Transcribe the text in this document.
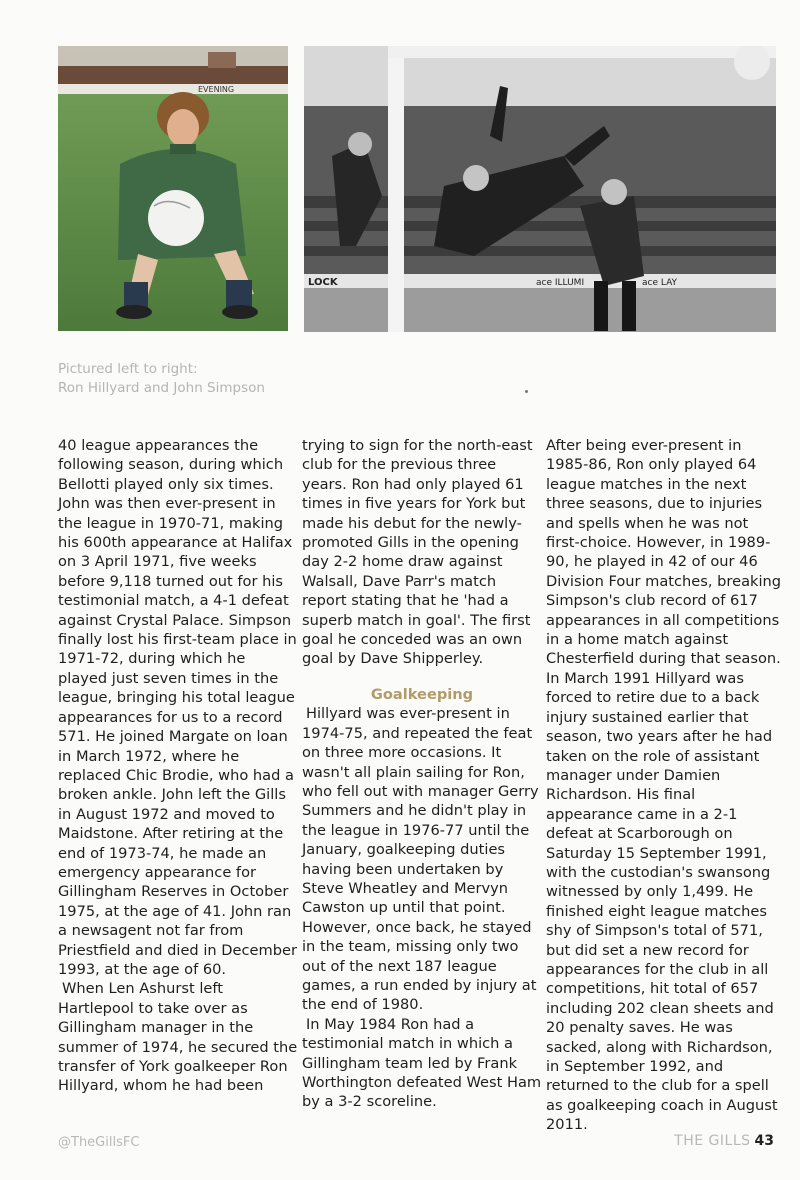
EVENING
LOCK	ace ILLUMI	ace LAY
Pictured left to right:
Ron Hillyard and John Simpson

40 league appearances the following season, during which Bellotti played only six times. John was then ever-present in the league in 1970-71, making his 600th appearance at Halifax on 3 April 1971, five weeks before 9,118 turned out for his testimonial match, a 4-1 defeat against Crystal Palace. Simpson finally lost his first-team place in 1971-72, during which he played just seven times in the league, bringing his total league appearances for us to a record 571. He joined Margate on loan in March 1972, where he replaced Chic Brodie, who had a broken ankle. John left the Gills in August 1972 and moved to Maidstone. After retiring at the end of 1973-74, he made an emergency appearance for Gillingham Reserves in October 1975, at the age of 41. John ran a newsagent not far from Priestfield and died in December 1993, at the age of 60.

When Len Ashurst left Hartlepool to take over as Gillingham manager in the summer of 1974, he secured the transfer of York goalkeeper Ron Hillyard, whom he had been

trying to sign for the north-east club for the previous three years. Ron had only played 61 times in five years for York but made his debut for the newly-promoted Gills in the opening day 2-2 home draw against Walsall, Dave Parr's match report stating that he 'had a superb match in goal'. The first goal he conceded was an own goal by Dave Shipperley.

Goalkeeping

Hillyard was ever-present in 1974-75, and repeated the feat on three more occasions. It wasn't all plain sailing for Ron, who fell out with manager Gerry Summers and he didn't play in the league in 1976-77 until the January, goalkeeping duties having been undertaken by Steve Wheatley and Mervyn Cawston up until that point. However, once back, he stayed in the team, missing only two out of the next 187 league games, a run ended by injury at the end of 1980.

In May 1984 Ron had a testimonial match in which a Gillingham team led by Frank Worthington defeated West Ham by a 3-2 scoreline.

After being ever-present in 1985-86, Ron only played 64 league matches in the next three seasons, due to injuries and spells when he was not first-choice. However, in 1989-90, he played in 42 of our 46 Division Four matches, breaking Simpson's club record of 617 appearances in all competitions in a home match against Chesterfield during that season. In March 1991 Hillyard was forced to retire due to a back injury sustained earlier that season, two years after he had taken on the role of assistant manager under Damien Richardson. His final appearance came in a 2-1 defeat at Scarborough on Saturday 15 September 1991, with the custodian's swansong witnessed by only 1,499. He finished eight league matches shy of Simpson's total of 571, but did set a new record for appearances for the club in all competitions, hit total of 657 including 202 clean sheets and 20 penalty saves. He was sacked, along with Richardson, in September 1992, and returned to the club for a spell as goalkeeping coach in August 2011.

@TheGillsFC	THE GILLS 43
